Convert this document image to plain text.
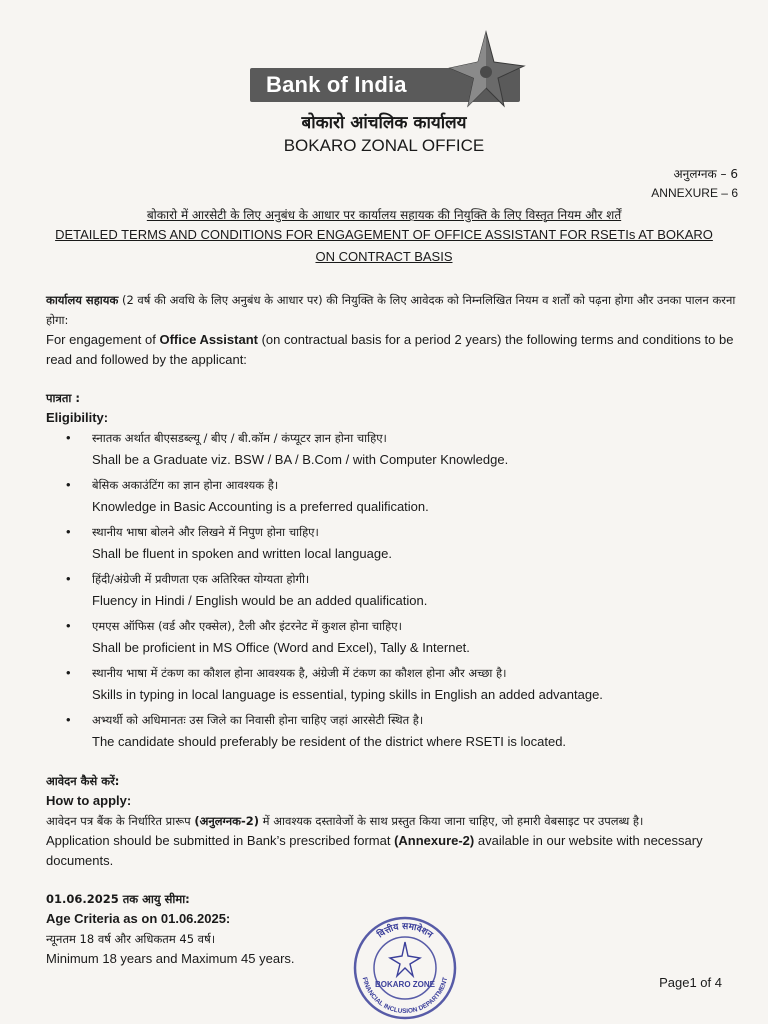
Bank of India
बोकारो आंचलिक कार्यालय
BOKARO ZONAL OFFICE
अनुलग्नक – 6
ANNEXURE – 6
बोकारो में आरसेटी के लिए अनुबंध के आधार पर कार्यालय सहायक की नियुक्ति के लिए विस्तृत नियम और शर्तें
DETAILED TERMS AND CONDITIONS FOR ENGAGEMENT OF OFFICE ASSISTANT FOR RSETIs AT BOKARO
ON CONTRACT BASIS

कार्यालय सहायक (2 वर्ष की अवधि के लिए अनुबंध के आधार पर) की नियुक्ति के लिए आवेदक को निम्नलिखित नियम व शर्तों को पढ़ना होगा और उनका पालन करना होगा:

For engagement of Office Assistant (on contractual basis for a period 2 years) the following terms and conditions to be read and followed by the applicant:

पात्रता :

Eligibility:

• स्नातक अर्थात बीएसडब्ल्यू / बीए / बी.कॉम / कंप्यूटर ज्ञान होना चाहिए।
Shall be a Graduate viz. BSW / BA / B.Com / with Computer Knowledge.
• बेसिक अकाउंटिंग का ज्ञान होना आवश्यक है।
Knowledge in Basic Accounting is a preferred qualification.
• स्थानीय भाषा बोलने और लिखने में निपुण होना चाहिए।
Shall be fluent in spoken and written local language.
• हिंदी/अंग्रेजी में प्रवीणता एक अतिरिक्त योग्यता होगी।
Fluency in Hindi / English would be an added qualification.
• एमएस ऑफिस (वर्ड और एक्सेल), टैली और इंटरनेट में कुशल होना चाहिए।
Shall be proficient in MS Office (Word and Excel), Tally & Internet.
• स्थानीय भाषा में टंकण का कौशल होना आवश्यक है, अंग्रेजी में टंकण का कौशल होना और अच्छा है।
Skills in typing in local language is essential, typing skills in English an added advantage.
• अभ्यर्थी को अधिमानतः उस जिले का निवासी होना चाहिए जहां आरसेटी स्थित है।
The candidate should preferably be resident of the district where RSETI is located.

आवेदन कैसे करें:

How to apply:

आवेदन पत्र बैंक के निर्धारित प्रारूप (अनुलग्नक-2) में आवश्यक दस्तावेजों के साथ प्रस्तुत किया जाना चाहिए, जो हमारी वेबसाइट पर उपलब्ध है।

Application should be submitted in Bank’s prescribed format (Annexure-2) available in our website with necessary documents.

01.06.2025 तक आयु सीमा:

Age Criteria as on 01.06.2025:

न्यूनतम 18 वर्ष और अधिकतम 45 वर्ष।

Minimum 18 years and Maximum 45 years.

वित्तीय समावेशन
FINANCIAL INCLUSION DEPARTMENT
BOKARO ZONE	Page1 of 4
